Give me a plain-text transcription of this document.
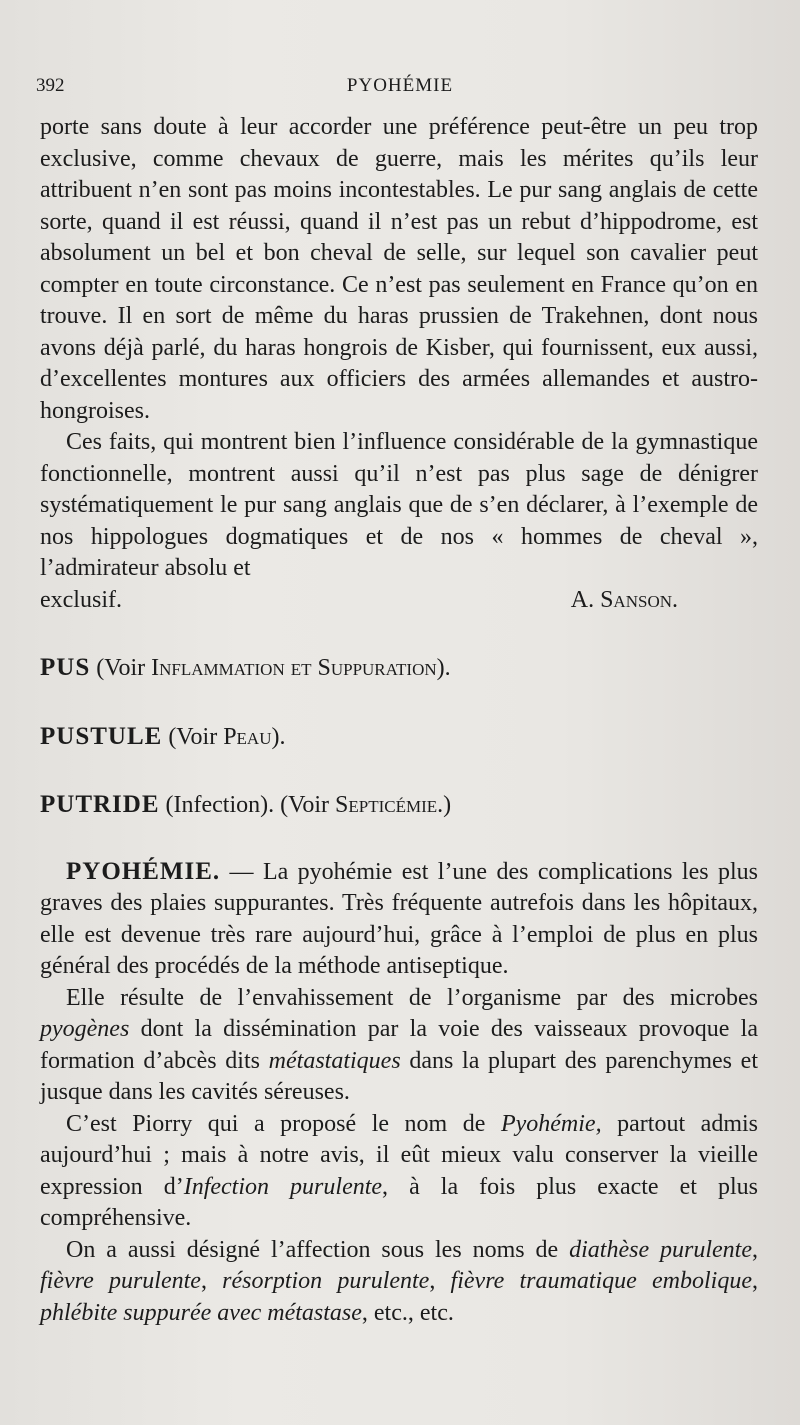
392	PYOHÉMIE

porte sans doute à leur accorder une préférence peut-être un peu trop exclusive, comme chevaux de guerre, mais les mérites qu’ils leur attribuent n’en sont pas moins incontestables. Le pur sang anglais de cette sorte, quand il est réussi, quand il n’est pas un rebut d’hippodrome, est absolument un bel et bon cheval de selle, sur lequel son cavalier peut compter en toute circonstance. Ce n’est pas seulement en France qu’on en trouve. Il en sort de même du haras prussien de Trakehnen, dont nous avons déjà parlé, du haras hongrois de Kisber, qui fournissent, eux aussi, d’excellentes montures aux officiers des armées allemandes et austro-hongroises.

Ces faits, qui montrent bien l’influence considérable de la gymnastique fonctionnelle, montrent aussi qu’il n’est pas plus sage de dénigrer systématiquement le pur sang anglais que de s’en déclarer, à l’exemple de nos hippologues dogmatiques et de nos « hommes de cheval », l’admirateur absolu et

exclusif.	A. Sanson.

PUS (Voir Inflammation et Suppuration).

PUSTULE (Voir Peau).

PUTRIDE (Infection). (Voir Septicémie.)

PYOHÉMIE. — La pyohémie est l’une des complications les plus graves des plaies suppurantes. Très fréquente autrefois dans les hôpitaux, elle est devenue très rare aujourd’hui, grâce à l’emploi de plus en plus général des procédés de la méthode antiseptique.

Elle résulte de l’envahissement de l’organisme par des microbes pyogènes dont la dissémination par la voie des vaisseaux provoque la formation d’abcès dits métastatiques dans la plupart des parenchymes et jusque dans les cavités séreuses.

C’est Piorry qui a proposé le nom de Pyohémie, partout admis aujourd’hui ; mais à notre avis, il eût mieux valu conserver la vieille expression d’Infection purulente, à la fois plus exacte et plus compréhensive.

On a aussi désigné l’affection sous les noms de diathèse purulente, fièvre purulente, résorption purulente, fièvre traumatique embolique, phlébite suppurée avec métastase, etc., etc.
